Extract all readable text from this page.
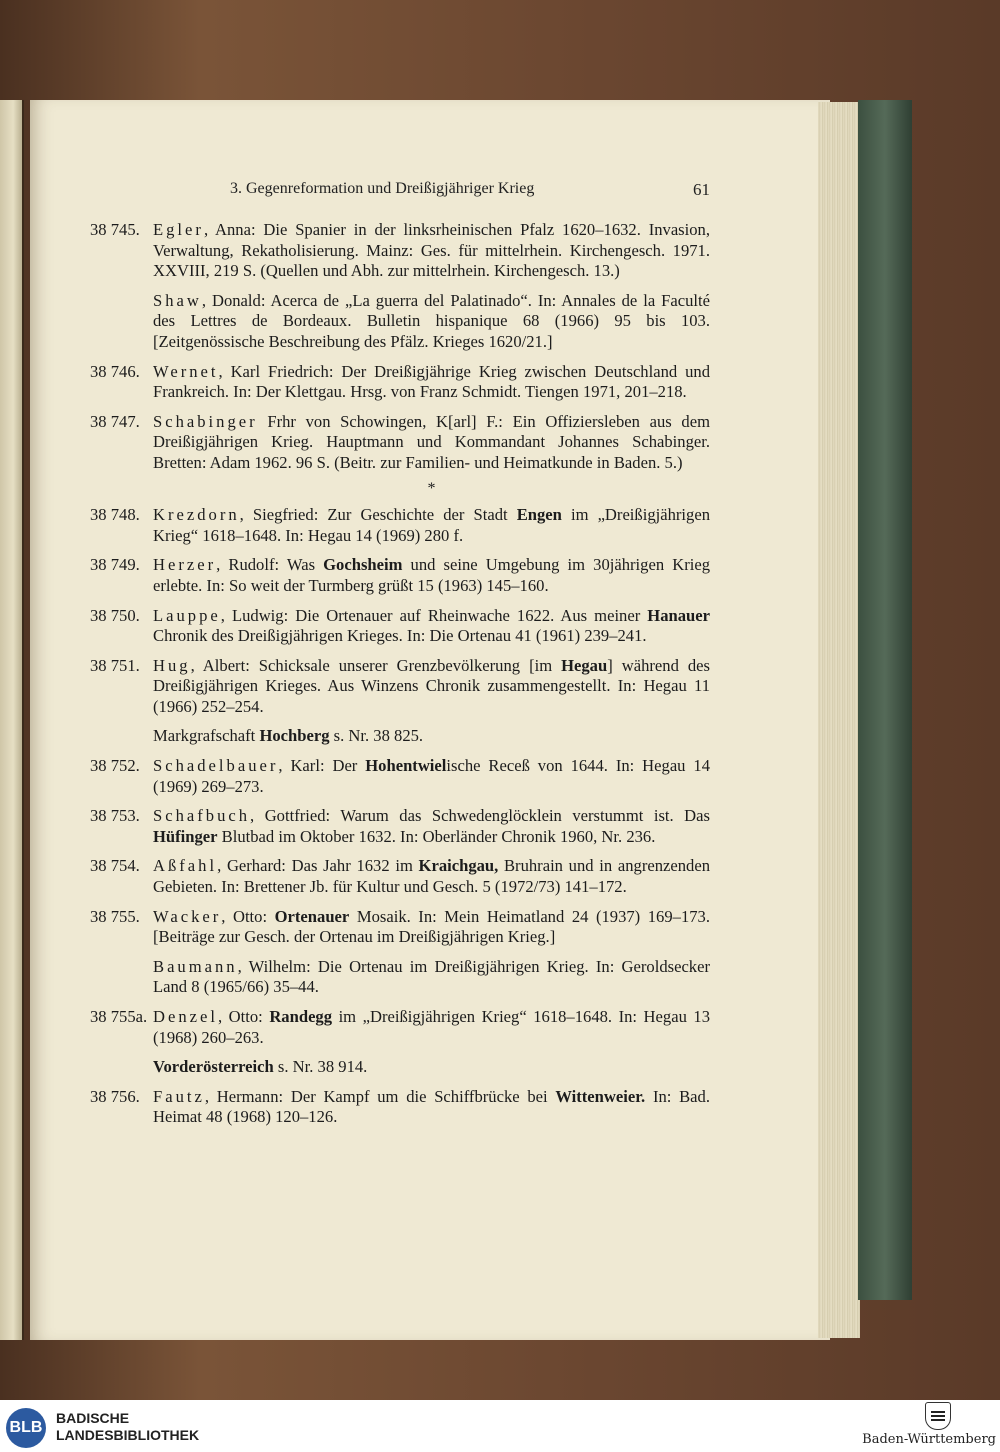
3. Gegenreformation und Dreißigjähriger Krieg	61
38 745. Egler, Anna: Die Spanier in der linksrheinischen Pfalz 1620–1632. Invasion, Verwaltung, Rekatholisierung. Mainz: Ges. für mittelrhein. Kirchengesch. 1971. XXVIII, 219 S. (Quellen und Abh. zur mittelrhein. Kirchengesch. 13.)
Shaw, Donald: Acerca de „La guerra del Palatinado“. In: Annales de la Faculté des Lettres de Bordeaux. Bulletin hispanique 68 (1966) 95 bis 103. [Zeitgenössische Beschreibung des Pfälz. Krieges 1620/21.]
38 746. Wernet, Karl Friedrich: Der Dreißigjährige Krieg zwischen Deutschland und Frankreich. In: Der Klettgau. Hrsg. von Franz Schmidt. Tiengen 1971, 201–218.
38 747. Schabinger Frhr von Schowingen, K[arl] F.: Ein Offiziersleben aus dem Dreißigjährigen Krieg. Hauptmann und Kommandant Johannes Schabinger. Bretten: Adam 1962. 96 S. (Beitr. zur Familien- und Heimatkunde in Baden. 5.)
*
38 748. Krezdorn, Siegfried: Zur Geschichte der Stadt Engen im „Dreißigjährigen Krieg“ 1618–1648. In: Hegau 14 (1969) 280 f.
38 749. Herzer, Rudolf: Was Gochsheim und seine Umgebung im 30jährigen Krieg erlebte. In: So weit der Turmberg grüßt 15 (1963) 145–160.
38 750. Lauppe, Ludwig: Die Ortenauer auf Rheinwache 1622. Aus meiner Hanauer Chronik des Dreißigjährigen Krieges. In: Die Ortenau 41 (1961) 239–241.
38 751. Hug, Albert: Schicksale unserer Grenzbevölkerung [im Hegau] während des Dreißigjährigen Krieges. Aus Winzens Chronik zusammengestellt. In: Hegau 11 (1966) 252–254.
Markgrafschaft Hochberg s. Nr. 38 825.
38 752. Schadelbauer, Karl: Der Hohentwielische Receß von 1644. In: Hegau 14 (1969) 269–273.
38 753. Schafbuch, Gottfried: Warum das Schwedenglöcklein verstummt ist. Das Hüfinger Blutbad im Oktober 1632. In: Oberländer Chronik 1960, Nr. 236.
38 754. Aßfahl, Gerhard: Das Jahr 1632 im Kraichgau, Bruhrain und in angrenzenden Gebieten. In: Brettener Jb. für Kultur und Gesch. 5 (1972/73) 141–172.
38 755. Wacker, Otto: Ortenauer Mosaik. In: Mein Heimatland 24 (1937) 169–173. [Beiträge zur Gesch. der Ortenau im Dreißigjährigen Krieg.]
Baumann, Wilhelm: Die Ortenau im Dreißigjährigen Krieg. In: Geroldsecker Land 8 (1965/66) 35–44.
38 755a. Denzel, Otto: Randegg im „Dreißigjährigen Krieg“ 1618–1648. In: Hegau 13 (1968) 260–263.
Vorderösterreich s. Nr. 38 914.
38 756. Fautz, Hermann: Der Kampf um die Schiffbrücke bei Wittenweier. In: Bad. Heimat 48 (1968) 120–126.
BLB
BADISCHE
LANDESBIBLIOTHEK	Baden-Württemberg
